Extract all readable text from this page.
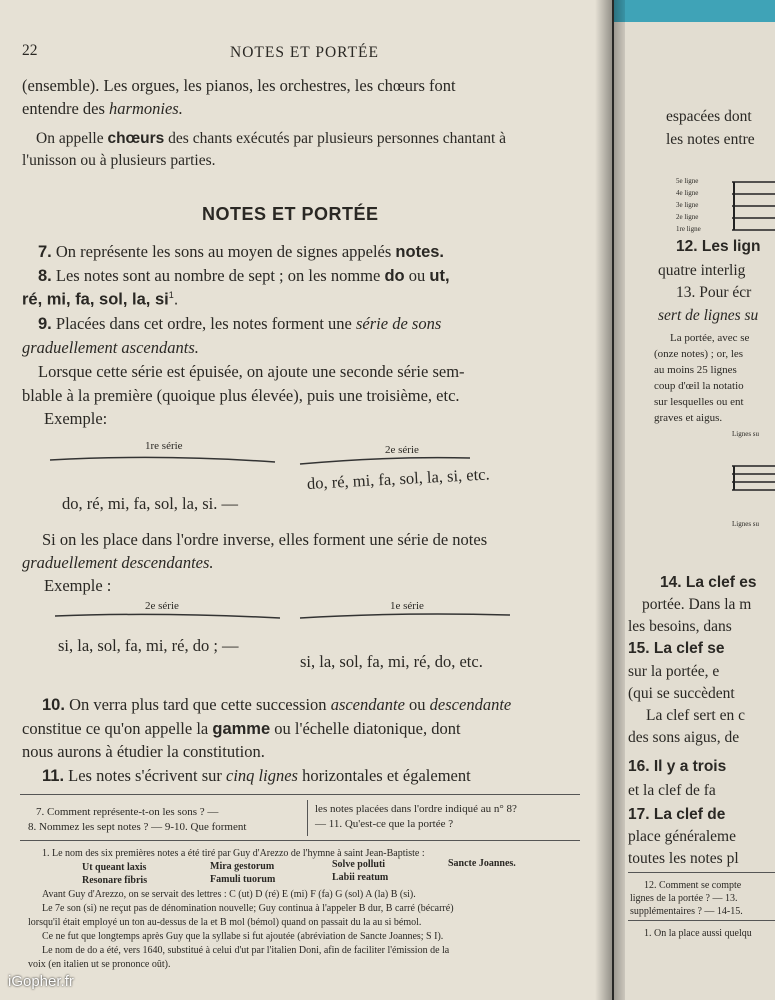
22	NOTES ET PORTÉE
(ensemble). Les orgues, les pianos, les orchestres, les chœurs font
entendre des harmonies.
On appelle chœurs des chants exécutés par plusieurs personnes chantant à
l'unisson ou à plusieurs parties.
NOTES ET PORTÉE
7. On représente les sons au moyen de signes appelés notes.
8. Les notes sont au nombre de sept ; on les nomme do ou ut,
ré, mi, fa, sol, la, $si^1$.
9. Placées dans cet ordre, les notes forment une série de sons
graduellement ascendants.
Lorsque cette série est épuisée, on ajoute une seconde série sem-
blable à la première (quoique plus élevée), puis une troisième, etc.
Exemple:
1re série	2e série
do, ré, mi, fa, sol, la, si. —
do, ré, mi, fa, sol, la, si, etc.
Si on les place dans l'ordre inverse, elles forment une série de notes
graduellement descendantes.
Exemple :
2e série	1e série
si, la, sol, fa, mi, ré, do ; —
si, la, sol, fa, mi, ré, do, etc.
10. On verra plus tard que cette succession ascendante ou descendante
constitue ce qu'on appelle la gamme ou l'échelle diatonique, dont
nous aurons à étudier la constitution.
11. Les notes s'écrivent sur cinq lignes horizontales et également
7. Comment représente-t-on les sons ? —
8. Nommez les sept notes ? — 9-10. Que forment
les notes placées dans l'ordre indiqué au n° 8?
— 11. Qu'est-ce que la portée ?
1. Le nom des six premières notes a été tiré par Guy d'Arezzo de l'hymne à saint Jean-Baptiste :
Ut queant laxis	Mira gestorum	Solve polluti	Sancte Joannes.
Resonare fibris	Famuli tuorum	Labii reatum
Avant Guy d'Arezzo, on se servait des lettres : C (ut) D (ré) E (mi) F (fa) G (sol) A (la) B (si).
Le 7e son (si) ne reçut pas de dénomination nouvelle; Guy continua à l'appeler B dur, B carré (bécarré)
lorsqu'il était employé un ton au-dessus de la et B mol (bémol) quand on passait du la au si bémol.
Ce ne fut que longtemps après Guy que la syllabe si fut ajoutée (abréviation de Sancte Joannes; S I).
Le nom de do a été, vers 1640, substitué à celui d'ut par l'italien Doni, afin de faciliter l'émission de la
voix (en italien ut se prononce oût).
espacées dont
les notes entre
5e ligne
4e ligne
3e ligne
2e ligne
1re ligne
12. Les lign
quatre interlig
13. Pour écr
sert de lignes su
La portée, avec se
(onze notes) ; or, les
au moins 25 lignes
coup d'œil la notatio
sur lesquelles ou ent
graves et aigus.
Lignes su
Lignes su
14. La clef es
portée. Dans la m
les besoins, dans
15. La clef se
sur la portée, e
(qui se succèdent
La clef sert en c
des sons aigus, de
16. Il y a trois
et la clef de fa
17. La clef de
place généraleme
toutes les notes pl
12. Comment se compte
lignes de la portée ? — 13.
supplémentaires ? — 14-15.
1. On la place aussi quelqu
iGopher.fr
